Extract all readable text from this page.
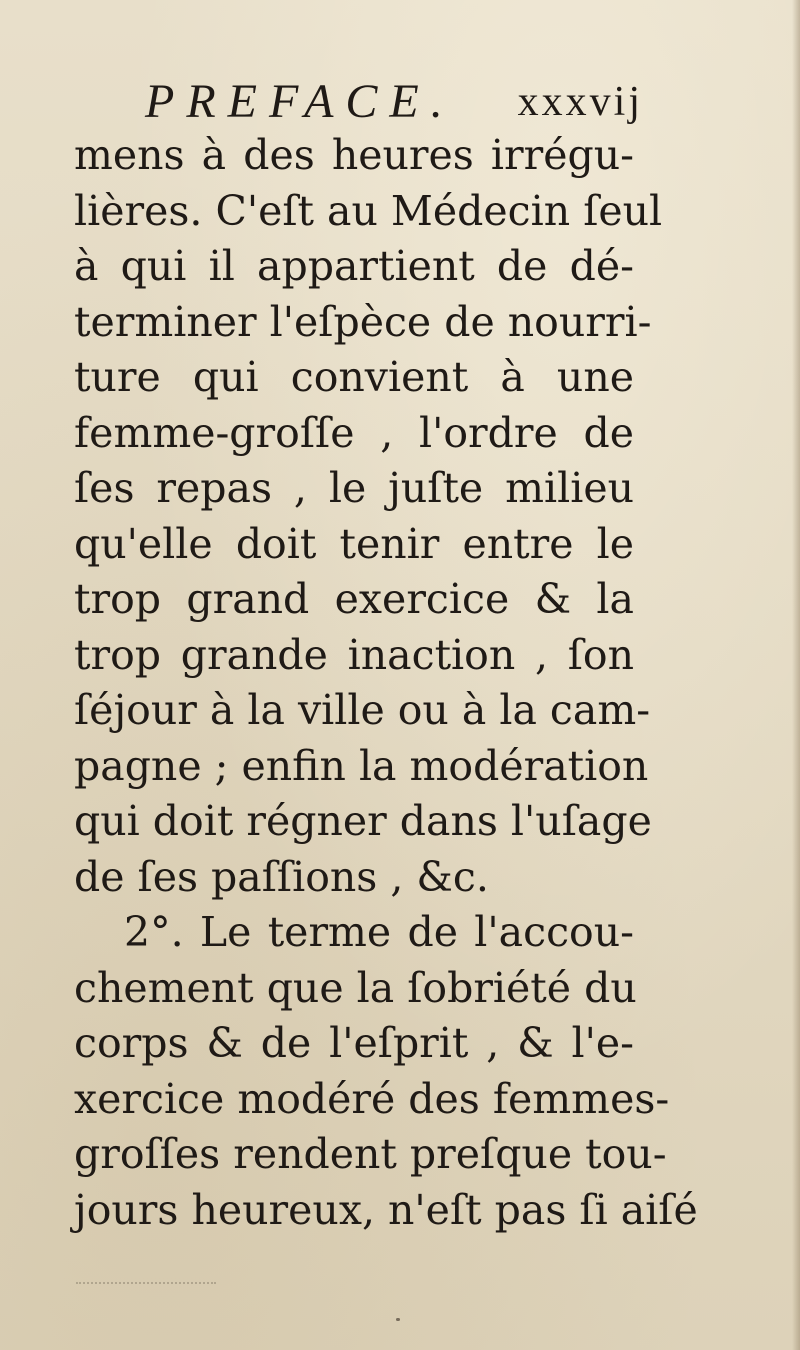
PREFACE. xxxvij
mens à des heures irrégu-
lières. C'eſt au Médecin ſeul
à qui il appartient de dé-
terminer l'eſpèce de nourri-
ture qui convient à une
femme-groſſe , l'ordre de
ſes repas , le juſte milieu
qu'elle doit tenir entre le
trop grand exercice & la
trop grande inaction , ſon
ſéjour à la ville ou à la cam-
pagne ; enfin la modération
qui doit régner dans l'uſage
de ſes paſſions , &c.
2°. Le terme de l'accou-
chement que la ſobriété du
corps & de l'eſprit , & l'e-
xercice modéré des femmes-
groſſes rendent preſque tou-
jours heureux, n'eſt pas ſi aiſé
